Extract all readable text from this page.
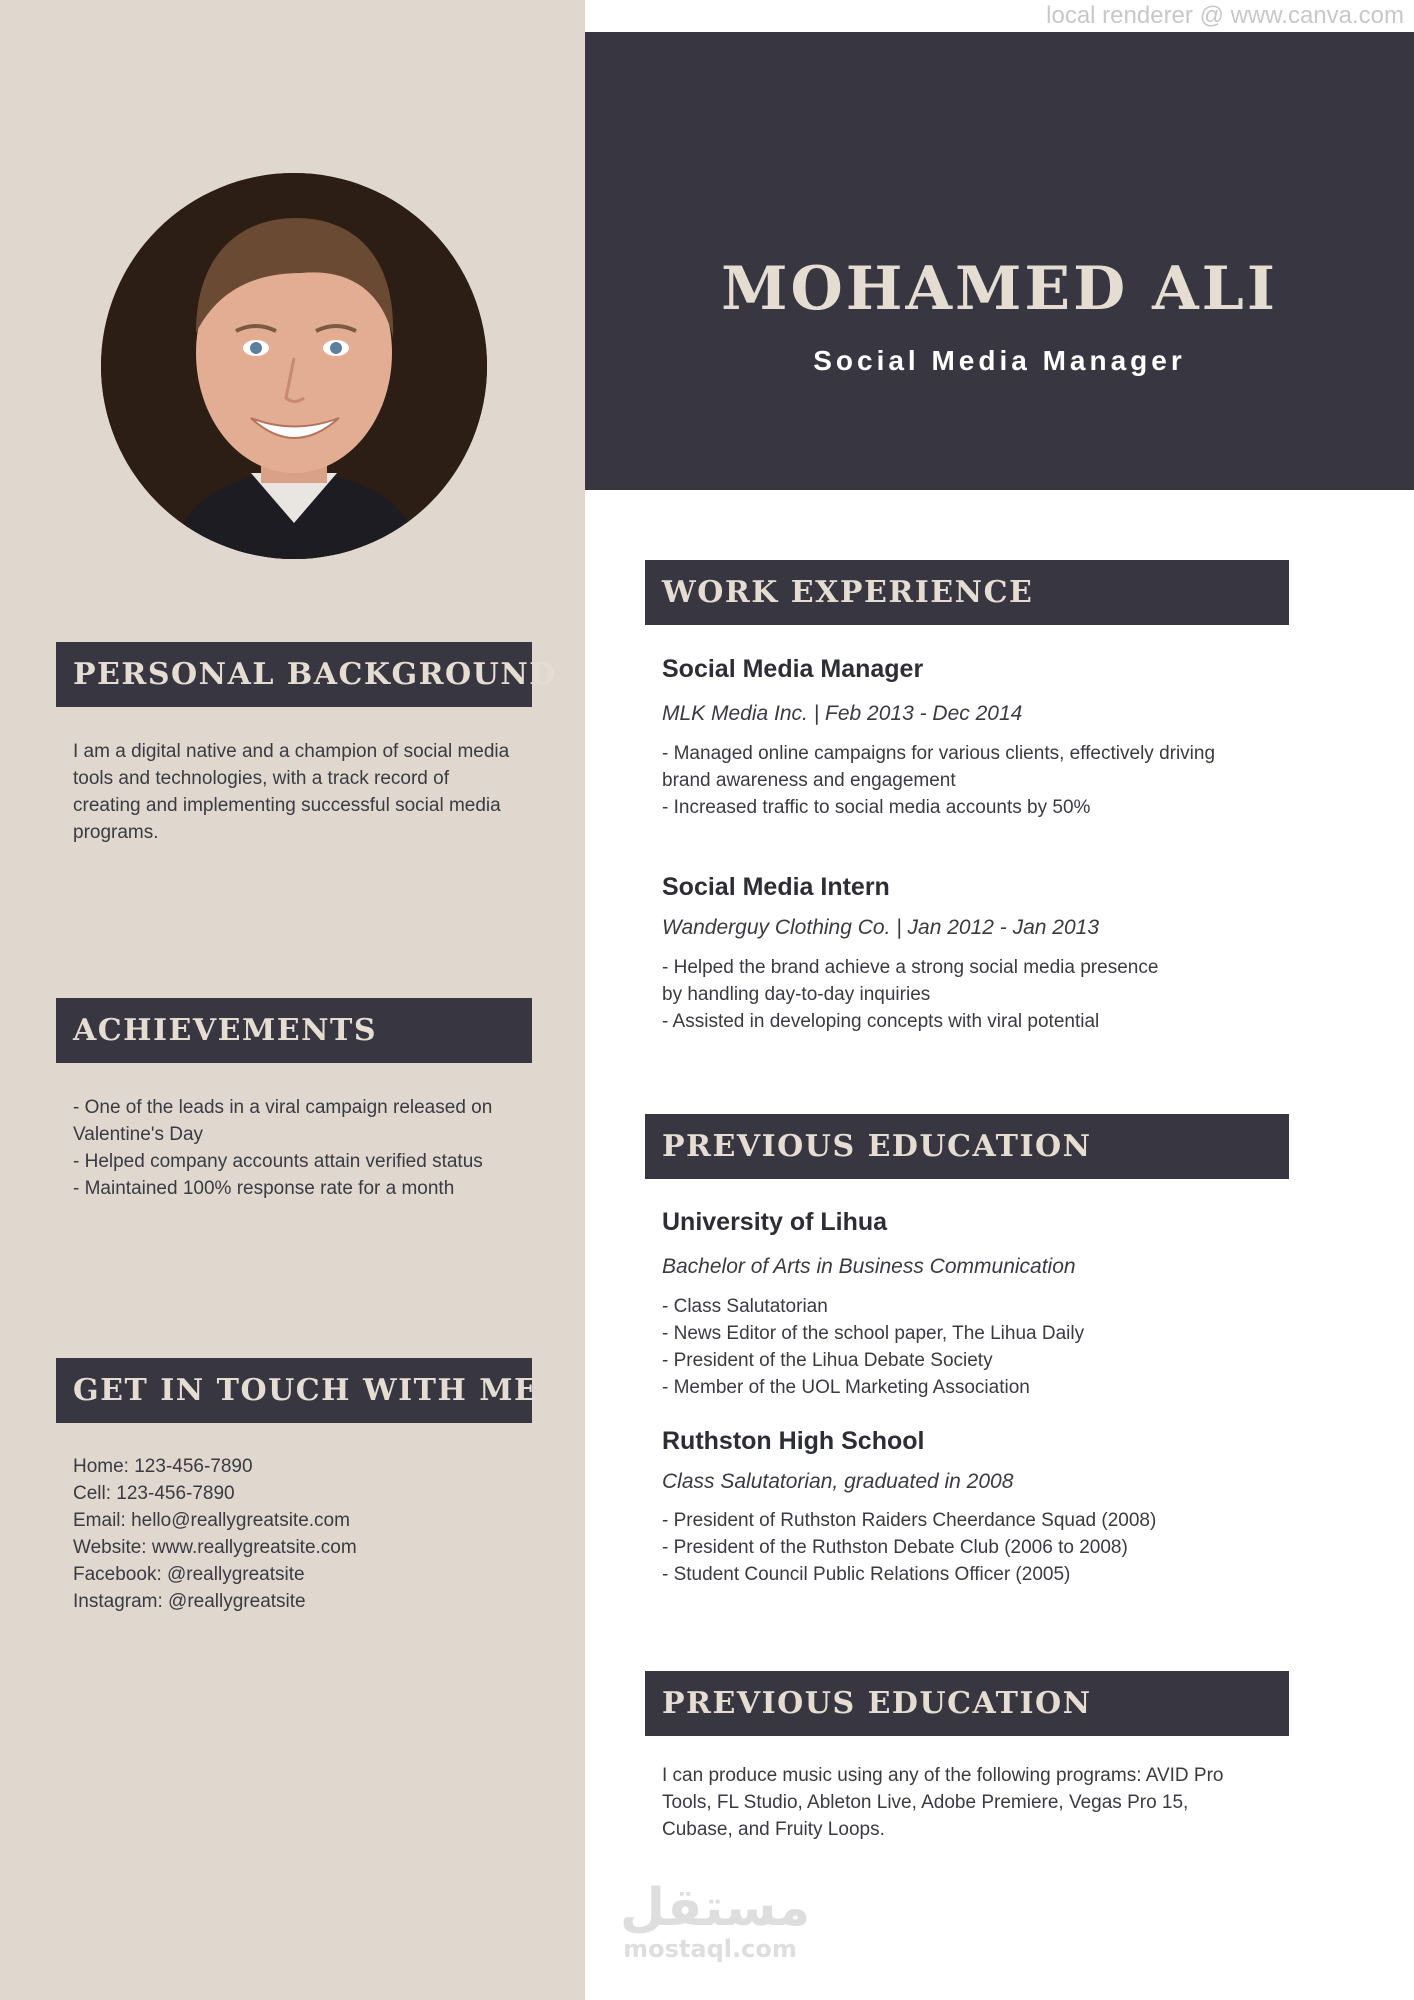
local renderer @ www.canva.com
MOHAMED ALI
Social Media Manager
PERSONAL BACKGROUND
I am a digital native and a champion of social media
tools and technologies, with a track record of
creating and implementing successful social media
programs.
ACHIEVEMENTS
- One of the leads in a viral campaign released on
Valentine's Day
- Helped company accounts attain verified status
- Maintained 100% response rate for a month
GET IN TOUCH WITH ME
Home: 123-456-7890
Cell: 123-456-7890
Email: hello@reallygreatsite.com
Website: www.reallygreatsite.com
Facebook: @reallygreatsite
Instagram: @reallygreatsite
WORK EXPERIENCE
Social Media Manager
MLK Media Inc. | Feb 2013 - Dec 2014
- Managed online campaigns for various clients, effectively driving
brand awareness and engagement
- Increased traffic to social media accounts by 50%
Social Media Intern
Wanderguy Clothing Co. | Jan 2012 - Jan 2013
- Helped the brand achieve a strong social media presence
by handling day-to-day inquiries
- Assisted in developing concepts with viral potential
PREVIOUS EDUCATION
University of Lihua
Bachelor of Arts in Business Communication
- Class Salutatorian
- News Editor of the school paper, The Lihua Daily
- President of the Lihua Debate Society
- Member of the UOL Marketing Association
Ruthston High School
Class Salutatorian, graduated in 2008
- President of Ruthston Raiders Cheerdance Squad (2008)
- President of the Ruthston Debate Club (2006 to 2008)
- Student Council Public Relations Officer (2005)
PREVIOUS EDUCATION
I can produce music using any of the following programs: AVID Pro
Tools, FL Studio, Ableton Live, Adobe Premiere, Vegas Pro 15,
Cubase, and Fruity Loops.
مستقل
mostaql.com
